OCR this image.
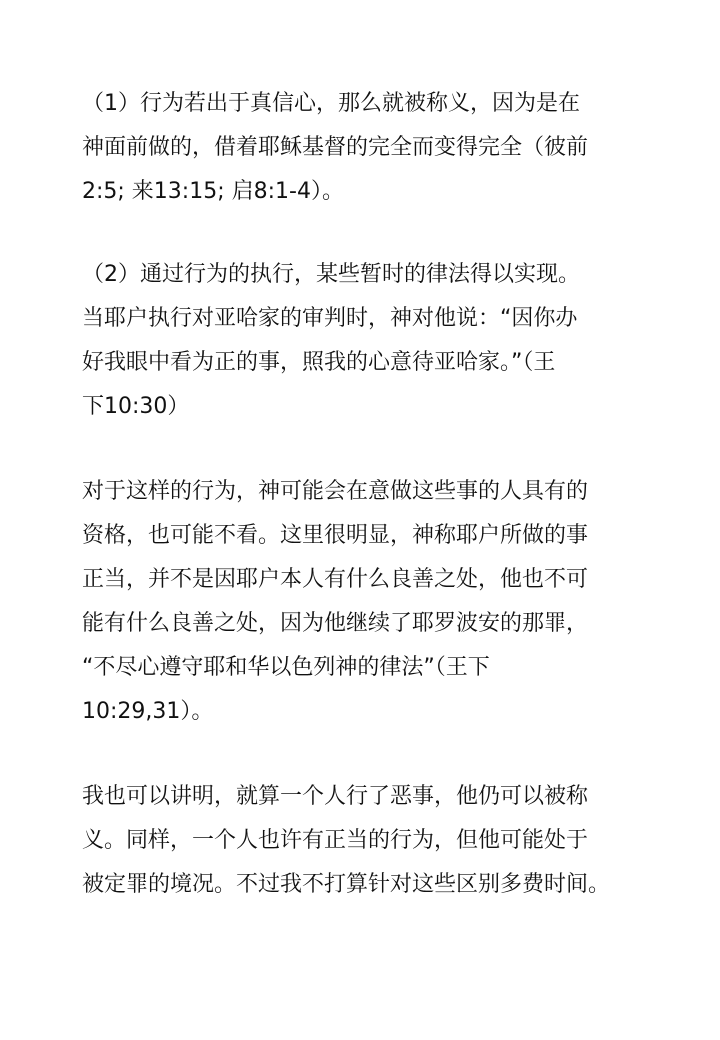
（1）行为若出于真信心，那么就被称义，因为是在
神面前做的，借着耶稣基督的完全而变得完全（彼前
2:5; 来13:15; 启8:1-4）。

（2）通过行为的执行，某些暂时的律法得以实现。
当耶户执行对亚哈家的审判时，神对他说：“因你办
好我眼中看为正的事，照我的心意待亚哈家。”（王
下10:30）

对于这样的行为，神可能会在意做这些事的人具有的
资格，也可能不看。这里很明显，神称耶户所做的事
正当，并不是因耶户本人有什么良善之处，他也不可
能有什么良善之处，因为他继续了耶罗波安的那罪，
“不尽心遵守耶和华以色列神的律法”（王下
10:29,31）。

我也可以讲明，就算一个人行了恶事，他仍可以被称
义。同样，一个人也许有正当的行为，但他可能处于
被定罪的境况。不过我不打算针对这些区别多费时间。
